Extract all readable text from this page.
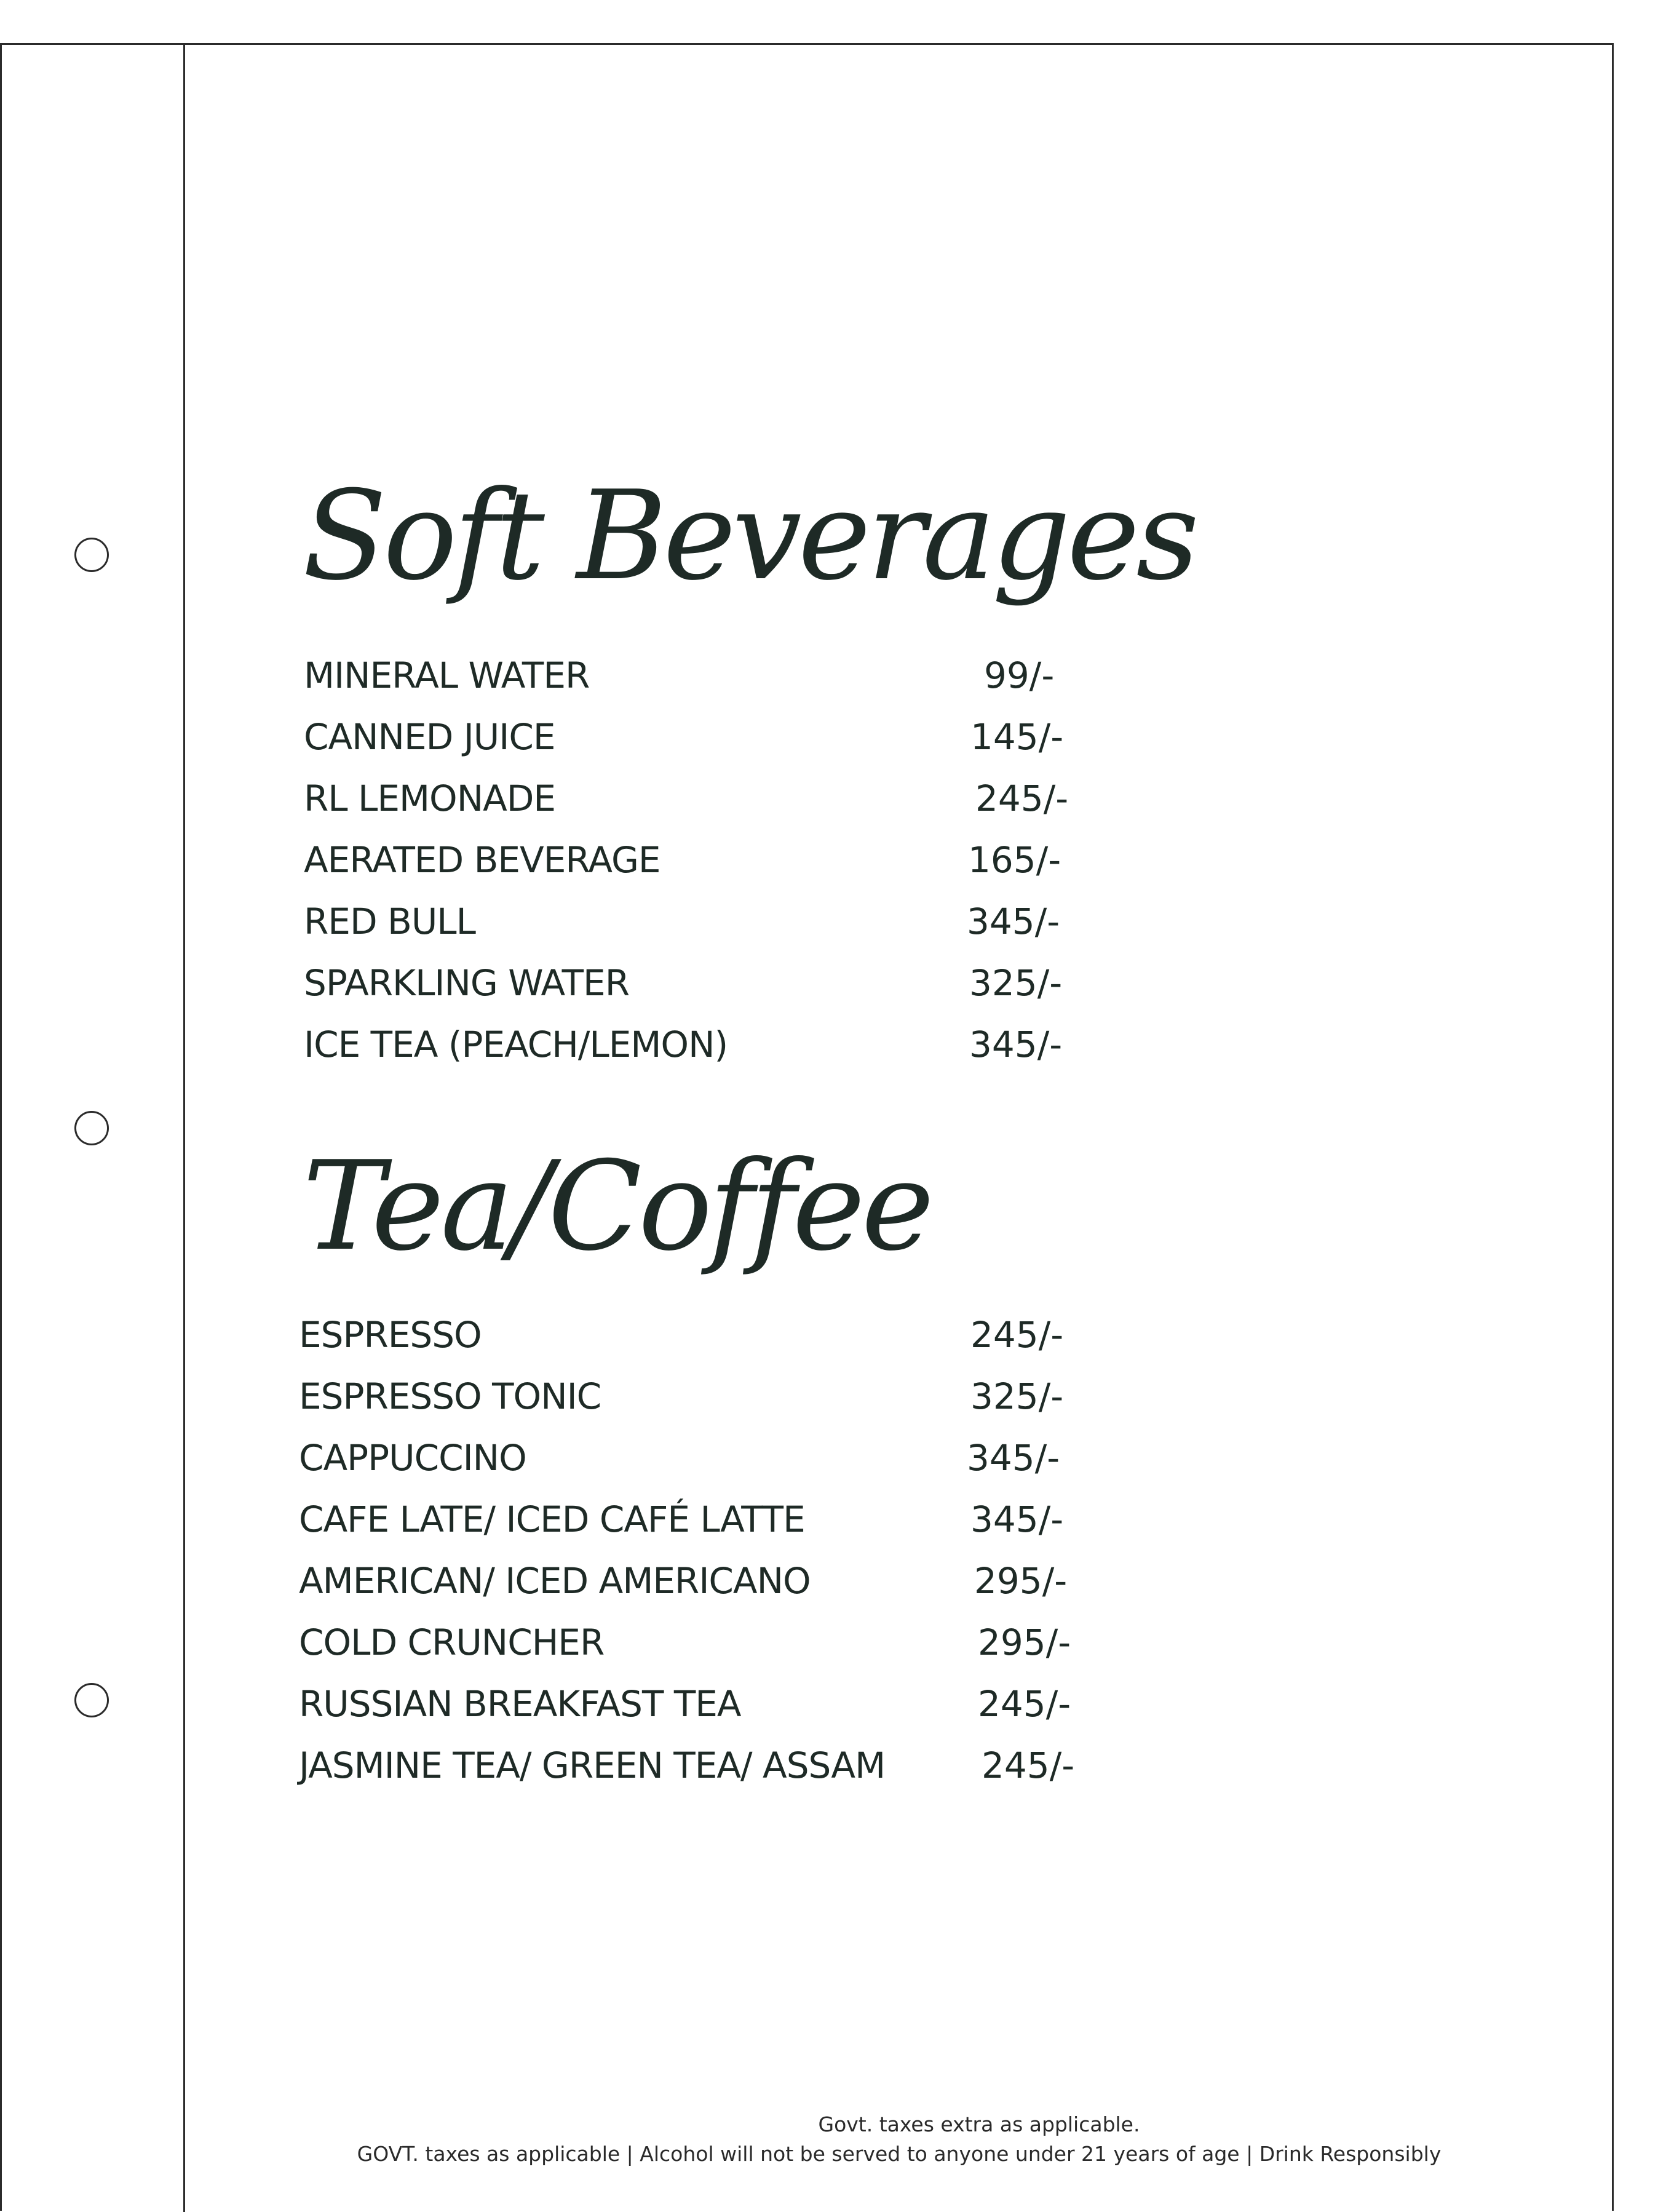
Soft Beverages
MINERAL WATER	99/-
CANNED JUICE	145/-
RL LEMONADE	245/-
AERATED BEVERAGE	165/-
RED BULL	345/-
SPARKLING WATER	325/-
ICE TEA (PEACH/LEMON)	345/-
Tea/Coffee
ESPRESSO	245/-
ESPRESSO TONIC	325/-
CAPPUCCINO	345/-
CAFE LATE/ ICED CAFÉ LATTE	345/-
AMERICAN/ ICED AMERICANO	295/-
COLD CRUNCHER	295/-
RUSSIAN BREAKFAST TEA	245/-
JASMINE TEA/ GREEN TEA/ ASSAM	245/-
Govt. taxes extra as applicable.
GOVT. taxes as applicable | Alcohol will not be served to anyone under 21 years of age | Drink Responsibly
